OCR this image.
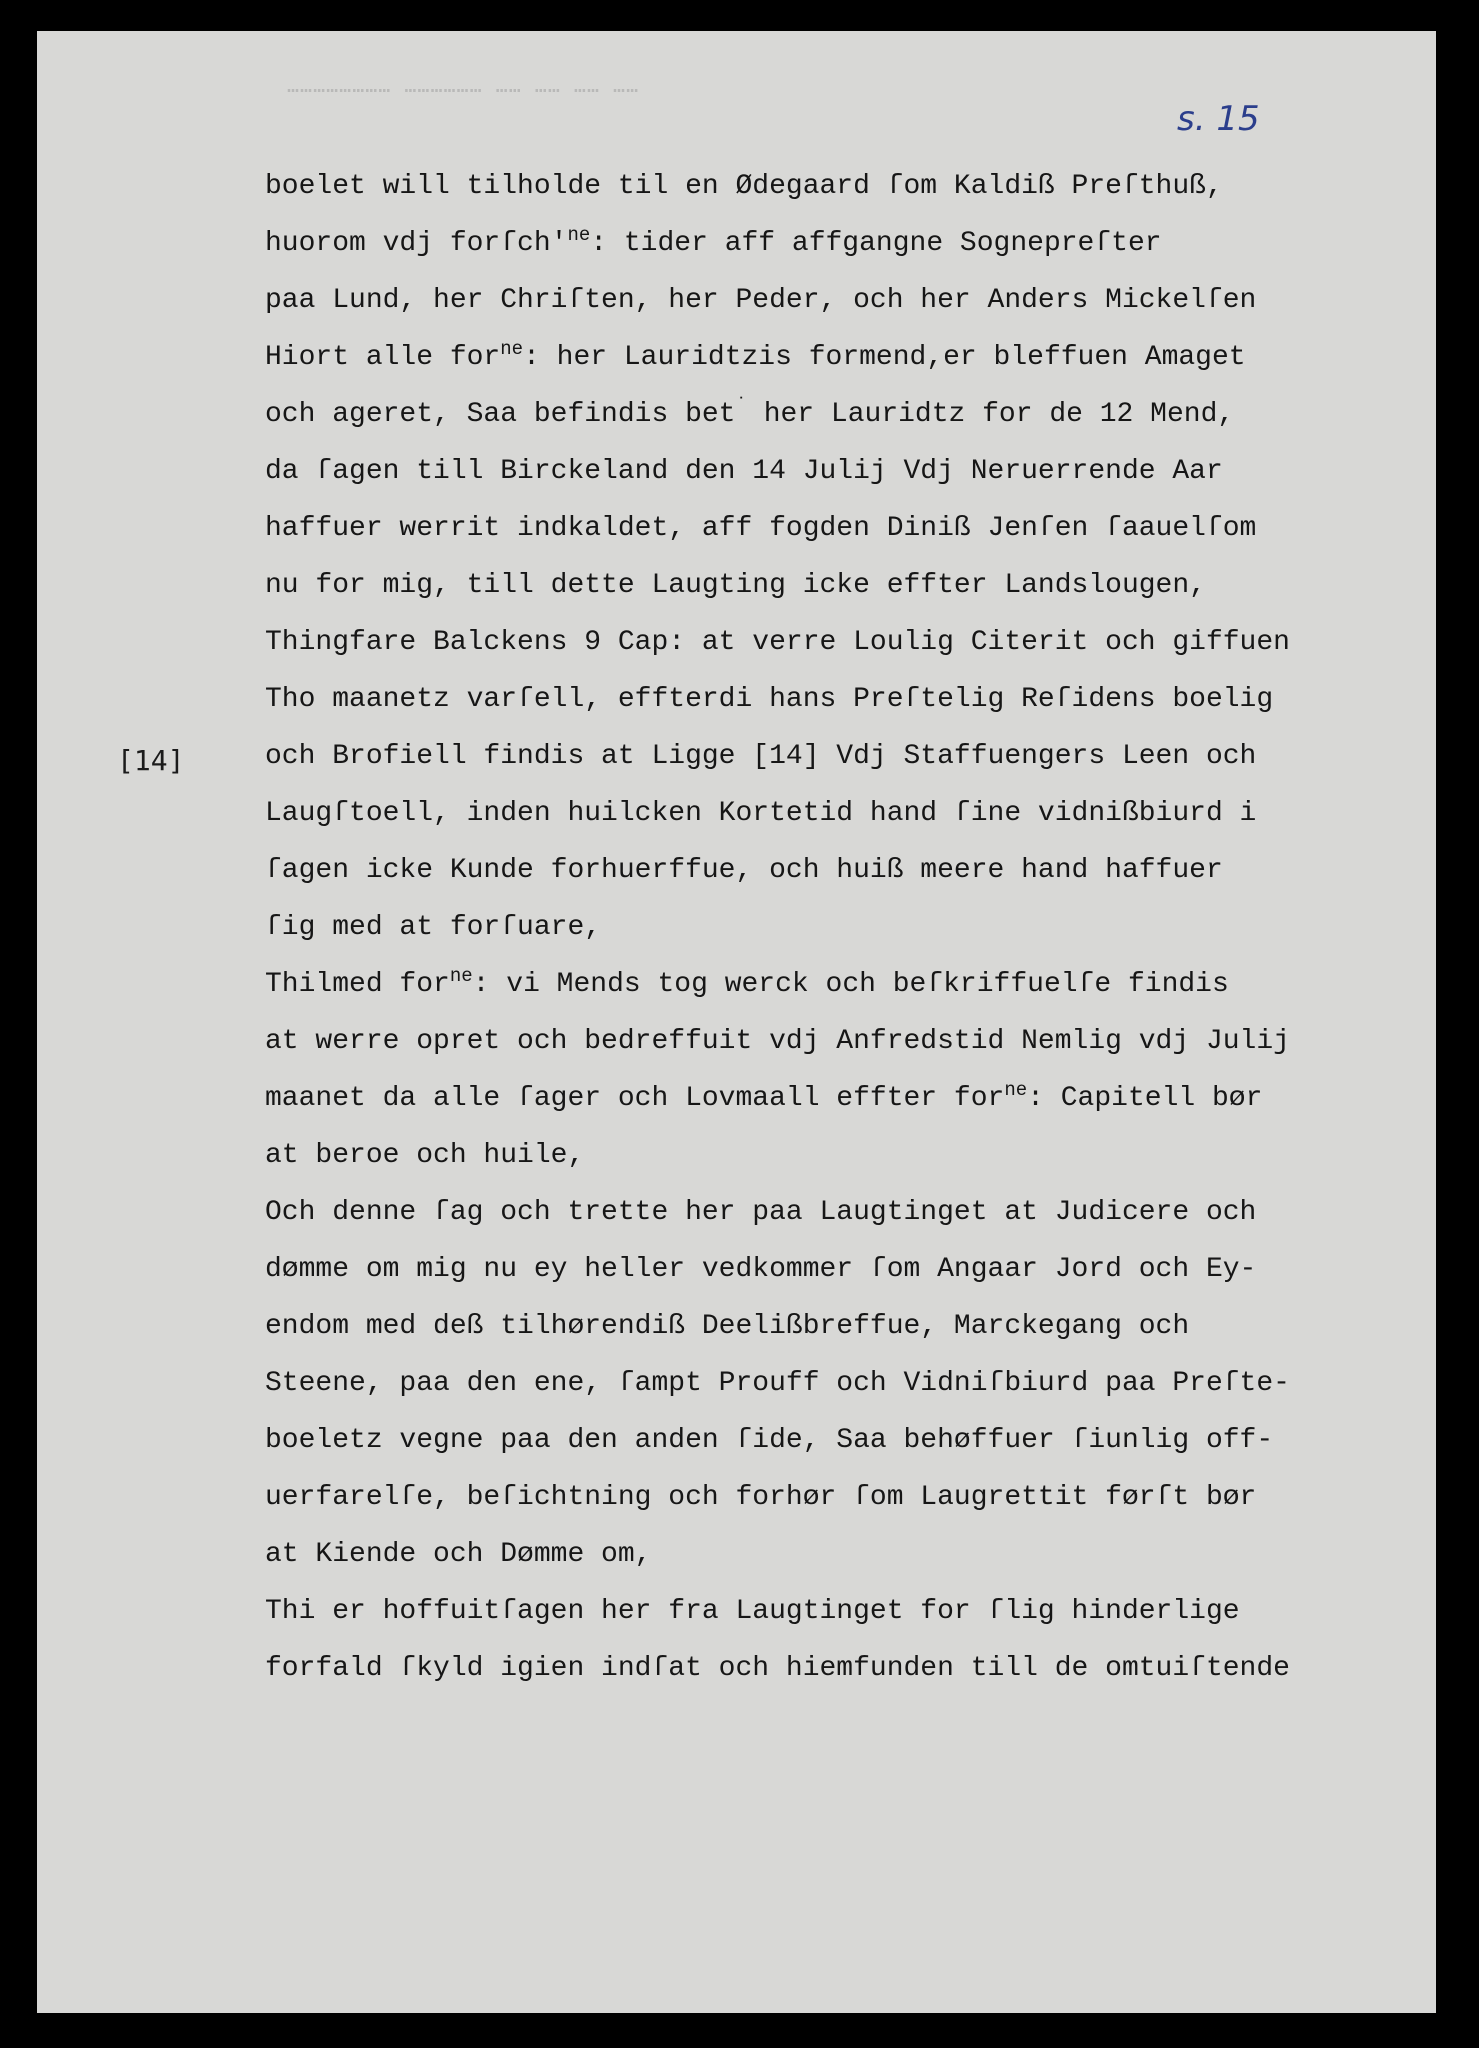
…………………… ……………… …… …… …… ……
s. 15
[14]
boelet will tilholde til en Ødegaard ſom Kaldiß Preſthuß,
huorom vdj $forſch'^{ne}$: tider aff affgangne Sognepreſter
paa Lund, her Chriſten, her Peder, och her Anders Mickelſen
Hiort alle for$^{ne}$: her Lauridtzis formend,er bleffuen Amaget
och ageret, Saa befindis bet˙ her Lauridtz for de 12 Mend,
da ſagen till Birckeland den 14 Julij Vdj Neruerrende Aar
haffuer werrit indkaldet, aff fogden Diniß Jenſen ſaauelſom
nu for mig, till dette Laugting icke effter Landslougen,
Thingfare Balckens 9 Cap: at verre Loulig Citerit och giffuen
Tho maanetz varſell, effterdi hans Preſtelig Reſidens boelig
och Brofiell findis at Ligge [14] Vdj Staffuengers Leen och
Laugſtoell, inden huilcken Kortetid hand ſine vidnißbiurd i
ſagen icke Kunde forhuerffue, och huiß meere hand haffuer
ſig med at forſuare,
Thilmed for$^{ne}$: vi Mends tog werck och beſkriffuelſe findis
at werre opret och bedreffuit vdj Anfredstid Nemlig vdj Julij
maanet da alle ſager och Lovmaall effter for$^{ne}$: Capitell bør
at beroe och huile,
Och denne ſag och trette her paa Laugtinget at Judicere och
dømme om mig nu ey heller vedkommer ſom Angaar Jord och Ey-
endom med deß tilhørendiß Deelißbreffue, Marckegang och
Steene, paa den ene, ſampt Prouff och Vidniſbiurd paa Preſte-
boeletz vegne paa den anden ſide, Saa behøffuer ſiunlig off-
uerfarelſe, beſichtning och forhør ſom Laugrettit førſt bør
at Kiende och Dømme om,
Thi er hoffuitſagen her fra Laugtinget for ſlig hinderlige
forfald ſkyld igien indſat och hiemfunden till de omtuiſtende
